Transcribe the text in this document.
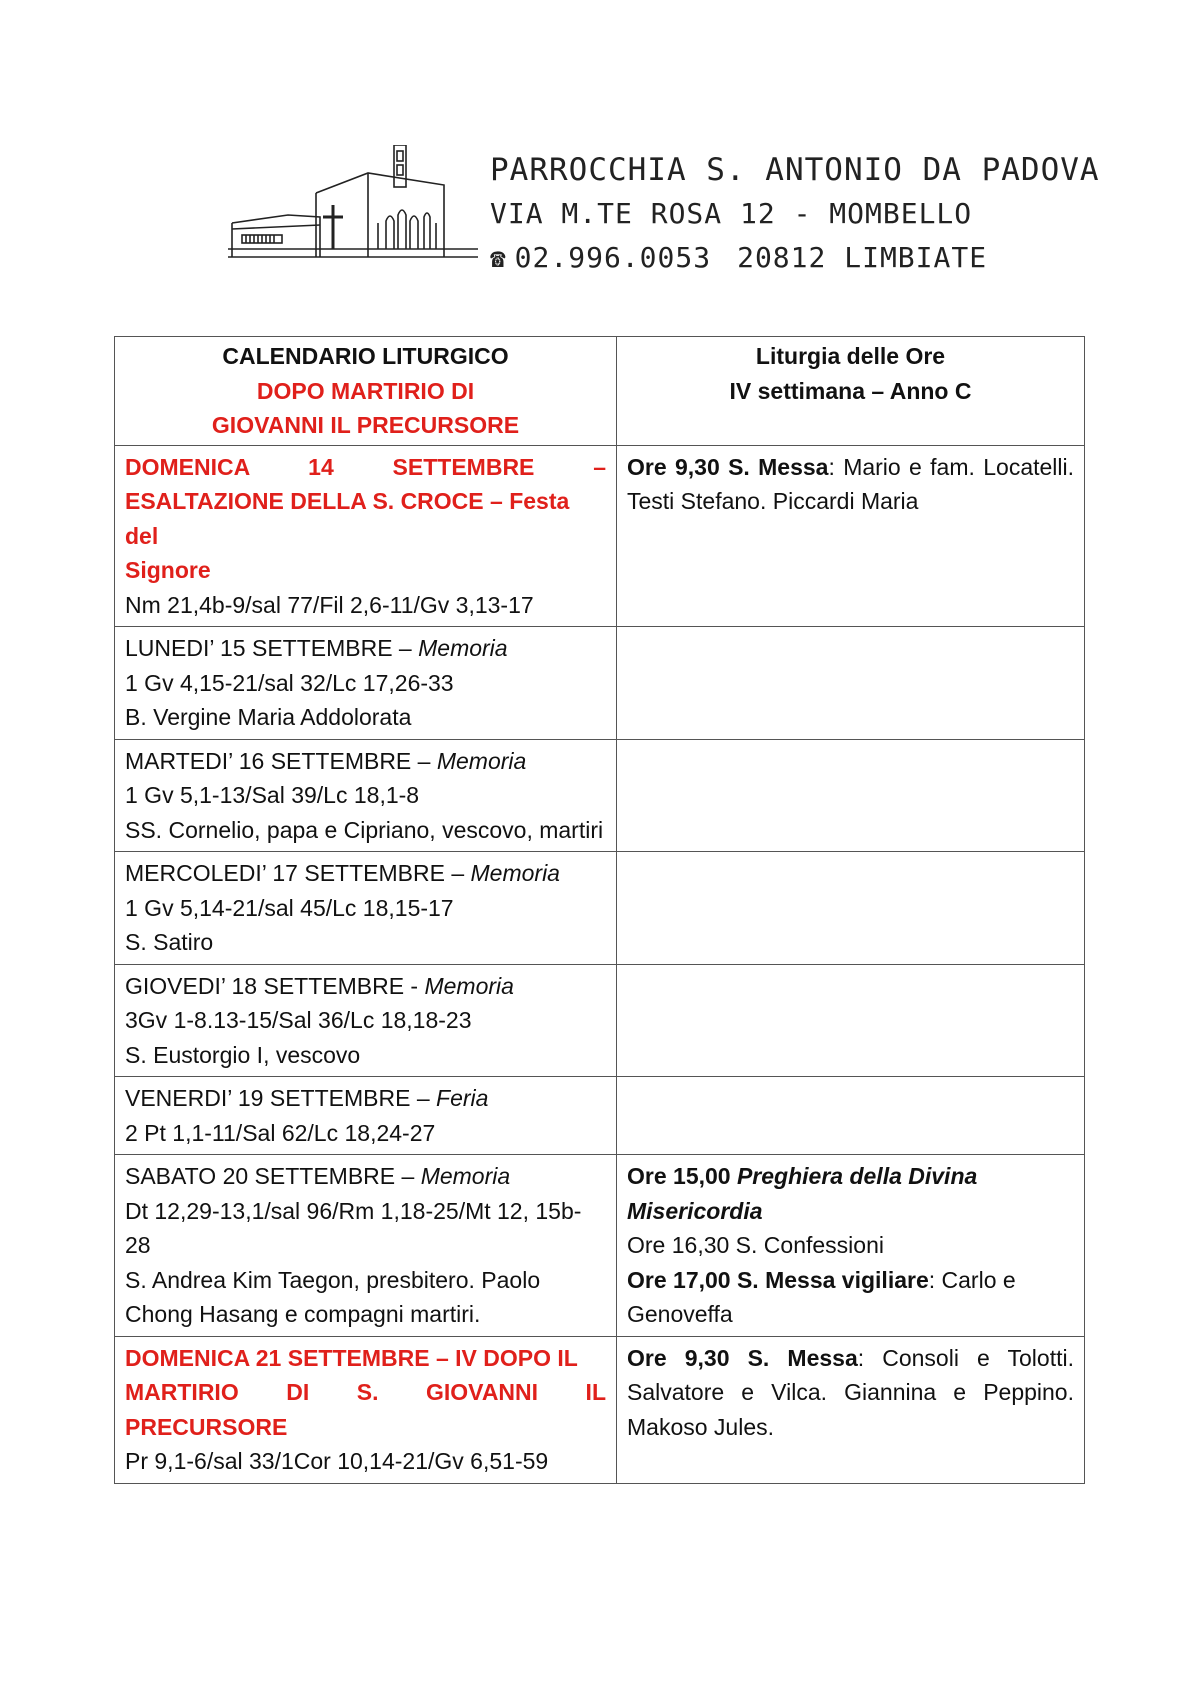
PARROCCHIA S. ANTONIO DA PADOVA
VIA M.TE ROSA 12 - MOMBELLO
☎ 02.996.0053 20812 LIMBIATE
CALENDARIO LITURGICO
DOPO MARTIRIO DI
GIOVANNI IL PRECURSORE	Liturgia delle Ore
IV settimana – Anno C

DOMENICA 14 SETTEMBRE –
ESALTAZIONE DELLA S. CROCE – Festa del
Signore
Nm 21,4b-9/sal 77/Fil 2,6-11/Gv 3,13-17	Ore 9,30 S. Messa: Mario e fam. Locatelli. Testi Stefano. Piccardi Maria

LUNEDI’ 15 SETTEMBRE – Memoria
1 Gv 4,15-21/sal 32/Lc 17,26-33
B. Vergine Maria Addolorata	

MARTEDI’ 16 SETTEMBRE – Memoria
1 Gv 5,1-13/Sal 39/Lc 18,1-8
SS. Cornelio, papa e Cipriano, vescovo, martiri	

MERCOLEDI’ 17 SETTEMBRE – Memoria
1 Gv 5,14-21/sal 45/Lc 18,15-17
S. Satiro	

GIOVEDI’ 18 SETTEMBRE - Memoria
3Gv 1-8.13-15/Sal 36/Lc 18,18-23
S. Eustorgio I, vescovo	

VENERDI’ 19 SETTEMBRE – Feria
2 Pt 1,1-11/Sal 62/Lc 18,24-27	

SABATO 20 SETTEMBRE – Memoria
Dt 12,29-13,1/sal 96/Rm 1,18-25/Mt 12, 15b-28
S. Andrea Kim Taegon, presbitero. Paolo Chong Hasang e compagni martiri.	Ore 15,00 Preghiera della Divina Misericordia
Ore 16,30 S. Confessioni
Ore 17,00 S. Messa vigiliare: Carlo e Genoveffa

DOMENICA 21 SETTEMBRE – IV DOPO IL
MARTIRIO DI S. GIOVANNI IL
PRECURSORE
Pr 9,1-6/sal 33/1Cor 10,14-21/Gv 6,51-59	Ore 9,30 S. Messa: Consoli e Tolotti. Salvatore e Vilca. Giannina e Peppino. Makoso Jules.
